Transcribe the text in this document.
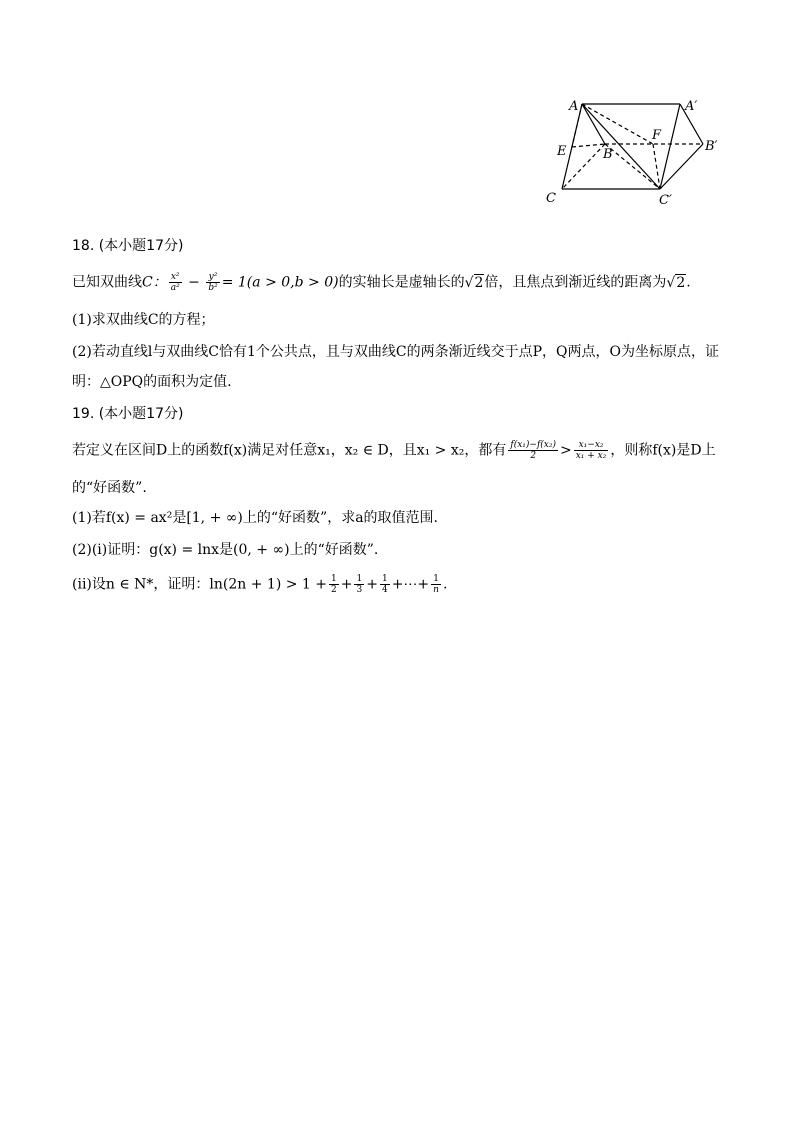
A	A′
F
B
B′
E
C	C′
18. (本小题17分)
已知双曲线C： $\frac{\text{x²}}{\text{a²}} - \frac{\text{y²}}{\text{b²}} = 1(a > 0,b > 0)$的实轴长是虚轴长的√2倍，且焦点到渐近线的距离为√2.
(1)求双曲线C的方程；
(2)若动直线l与双曲线C恰有1个公共点，且与双曲线C的两条渐近线交于点P，Q两点，O为坐标原点，证
明：△OPQ的面积为定值.
19. (本小题17分)
若定义在区间D上的函数f(x)满足对任意x₁，x₂ ∈ D，且x₁ > x₂，都有 $\frac{\text{f(x₁)−f(x₂)}}{2} > \frac{\text{x₁−x₂}}{\text{x₁ + x₂}}$ ，则称f(x)是D上
的“好函数”.
(1)若f(x) = ax²是[1, + ∞)上的“好函数”，求a的取值范围.
(2)(i)证明：g(x) = lnx是(0, + ∞)上的“好函数”.
(ii)设n ∈ N*，证明：$\ln(2n + 1) > 1 + \frac{1}{2} + \frac{1}{3} + \frac{1}{4}$ +⋯+ $\frac{1}{n}$ .
